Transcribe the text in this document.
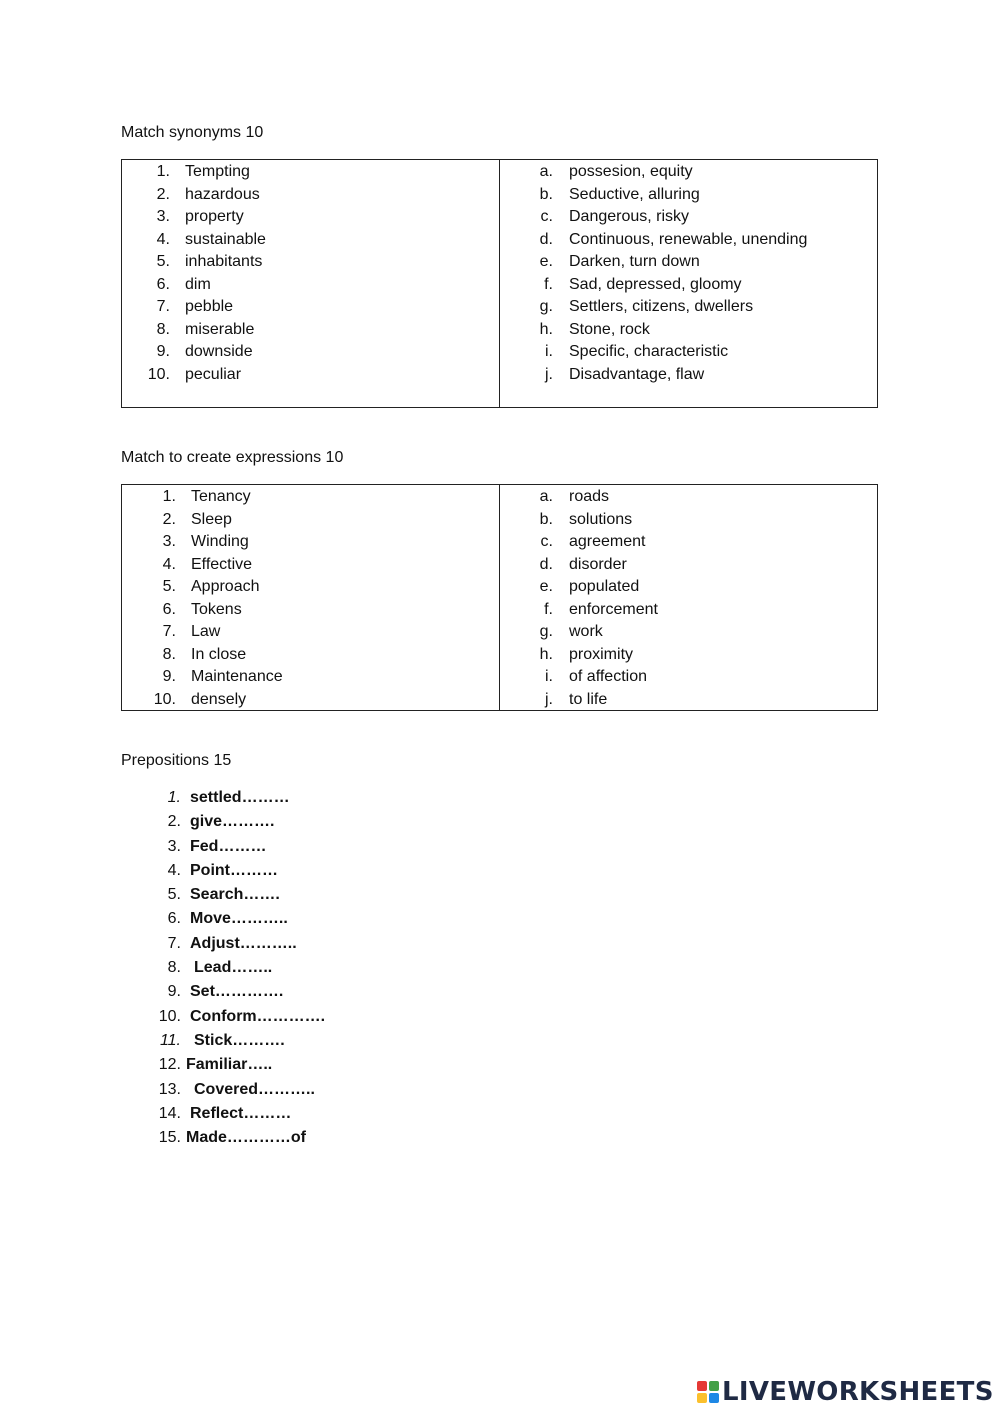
Match synonyms 10
1. Tempting
2. hazardous
3. property
4. sustainable
5. inhabitants
6. dim
7. pebble
8. miserable
9. downside
10. peculiar
a. possesion, equity
b. Seductive, alluring
c. Dangerous, risky
d. Continuous, renewable, unending
e. Darken, turn down
f. Sad, depressed, gloomy
g. Settlers, citizens, dwellers
h. Stone, rock
i. Specific, characteristic
j. Disadvantage, flaw
Match to create expressions 10
1. Tenancy
2. Sleep
3. Winding
4. Effective
5. Approach
6. Tokens
7. Law
8. In close
9. Maintenance
10. densely
a. roads
b. solutions
c. agreement
d. disorder
e. populated
f. enforcement
g. work
h. proximity
i. of affection
j. to life
Prepositions 15
1. settled………
2. give……….
3. Fed………
4. Point………
5. Search…….
6. Move………..
7. Adjust………..
8. Lead……..
9. Set………….
10. Conform………….
11. Stick……….
12. Familiar…..
13. Covered………..
14. Reflect………
15. Made…………of
LIVEWORKSHEETS
